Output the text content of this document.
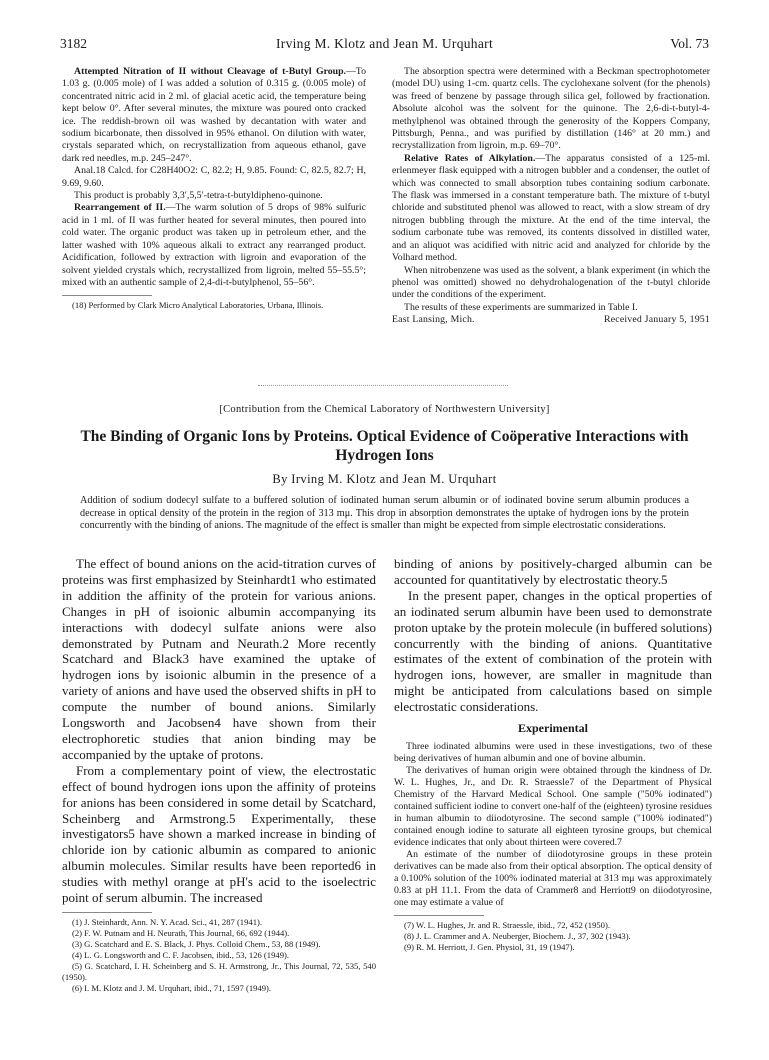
3182	Irving M. Klotz and Jean M. Urquhart	Vol. 73

Attempted Nitration of II without Cleavage of t-Butyl Group.—To 1.03 g. (0.005 mole) of I was added a solution of 0.315 g. (0.005 mole) of concentrated nitric acid in 2 ml. of glacial acetic acid, the temperature being kept below 0°. After several minutes, the mixture was poured onto cracked ice. The reddish-brown oil was washed by decantation with water and sodium bicarbonate, then dissolved in 95% ethanol. On dilution with water, crystals separated which, on recrystallization from aqueous ethanol, gave dark red needles, m.p. 245–247°.

Anal.18 Calcd. for C28H40O2: C, 82.2; H, 9.85. Found: C, 82.5, 82.7; H, 9.69, 9.60.

This product is probably 3,3′,5,5′-tetra-t-butyldipheno-quinone.

Rearrangement of II.—The warm solution of 5 drops of 98% sulfuric acid in 1 ml. of II was further heated for several minutes, then poured into cold water. The organic product was taken up in petroleum ether, and the latter washed with 10% aqueous alkali to extract any rearranged product. Acidification, followed by extraction with ligroin and evaporation of the solvent yielded crystals which, recrystallized from ligroin, melted 55–55.5°; mixed with an authentic sample of 2,4-di-t-butylphenol, 55–56°.

(18) Performed by Clark Micro Analytical Laboratories, Urbana, Illinois.

The absorption spectra were determined with a Beckman spectrophotometer (model DU) using 1-cm. quartz cells. The cyclohexane solvent (for the phenols) was freed of benzene by passage through silica gel, followed by fractionation. Absolute alcohol was the solvent for the quinone. The 2,6-di-t-butyl-4-methylphenol was obtained through the generosity of the Koppers Company, Pittsburgh, Penna., and was purified by distillation (146° at 20 mm.) and recrystallization from ligroin, m.p. 69–70°.

Relative Rates of Alkylation.—The apparatus consisted of a 125-ml. erlenmeyer flask equipped with a nitrogen bubbler and a condenser, the outlet of which was connected to small absorption tubes containing sodium carbonate. The flask was immersed in a constant temperature bath. The mixture of t-butyl chloride and substituted phenol was allowed to react, with a slow stream of dry nitrogen bubbling through the mixture. At the end of the time interval, the sodium carbonate tube was removed, its contents dissolved in distilled water, and an aliquot was acidified with nitric acid and analyzed for chloride by the Volhard method.

When nitrobenzene was used as the solvent, a blank experiment (in which the phenol was omitted) showed no dehydrohalogenation of the t-butyl chloride under the conditions of the experiment.

The results of these experiments are summarized in Table I.

East Lansing, Mich.	Received January 5, 1951
[Contribution from the Chemical Laboratory of Northwestern University]
The Binding of Organic Ions by Proteins. Optical Evidence of Coöperative Interactions with Hydrogen Ions
By Irving M. Klotz and Jean M. Urquhart
Addition of sodium dodecyl sulfate to a buffered solution of iodinated human serum albumin or of iodinated bovine serum albumin produces a decrease in optical density of the protein in the region of 313 mμ. This drop in absorption demonstrates the uptake of hydrogen ions by the protein concurrently with the binding of anions. The magnitude of the effect is smaller than might be expected from simple electrostatic considerations.

The effect of bound anions on the acid-titration curves of proteins was first emphasized by Steinhardt1 who estimated in addition the affinity of the protein for various anions. Changes in pH of isoionic albumin accompanying its interactions with dodecyl sulfate anions were also demonstrated by Putnam and Neurath.2 More recently Scatchard and Black3 have examined the uptake of hydrogen ions by isoionic albumin in the presence of a variety of anions and have used the observed shifts in pH to compute the number of bound anions. Similarly Longsworth and Jacobsen4 have shown from their electrophoretic studies that anion binding may be accompanied by the uptake of protons.

From a complementary point of view, the electrostatic effect of bound hydrogen ions upon the affinity of proteins for anions has been considered in some detail by Scatchard, Scheinberg and Armstrong.5 Experimentally, these investigators5 have shown a marked increase in binding of chloride ion by cationic albumin as compared to anionic albumin molecules. Similar results have been reported6 in studies with methyl orange at pH's acid to the isoelectric point of serum albumin. The increased

(1) J. Steinhardt, Ann. N. Y. Acad. Sci., 41, 287 (1941).

(2) F. W. Putnam and H. Neurath, This Journal, 66, 692 (1944).

(3) G. Scatchard and E. S. Black, J. Phys. Colloid Chem., 53, 88 (1949).

(4) L. G. Longsworth and C. F. Jacobsen, ibid., 53, 126 (1949).

(5) G. Scatchard, I. H. Scheinberg and S. H. Armstrong, Jr., This Journal, 72, 535, 540 (1950).

(6) I. M. Klotz and J. M. Urquhart, ibid., 71, 1597 (1949).

binding of anions by positively-charged albumin can be accounted for quantitatively by electrostatic theory.5

In the present paper, changes in the optical properties of an iodinated serum albumin have been used to demonstrate proton uptake by the protein molecule (in buffered solutions) concurrently with the binding of anions. Quantitative estimates of the extent of combination of the protein with hydrogen ions, however, are smaller in magnitude than might be anticipated from calculations based on simple electrostatic considerations.

Experimental

Three iodinated albumins were used in these investigations, two of these being derivatives of human albumin and one of bovine albumin.

The derivatives of human origin were obtained through the kindness of Dr. W. L. Hughes, Jr., and Dr. R. Straessle7 of the Department of Physical Chemistry of the Harvard Medical School. One sample ("50% iodinated") contained sufficient iodine to convert one-half of the (eighteen) tyrosine residues in human albumin to diiodotyrosine. The second sample ("100% iodinated") contained enough iodine to saturate all eighteen tyrosine groups, but chemical evidence indicates that only about thirteen were covered.7

An estimate of the number of diiodotyrosine groups in these protein derivatives can be made also from their optical absorption. The optical density of a 0.100% solution of the 100% iodinated material at 313 mμ was approximately 0.83 at pH 11.1. From the data of Crammer8 and Herriott9 on diiodotyrosine, one may estimate a value of

(7) W. L. Hughes, Jr. and R. Straessle, ibid., 72, 452 (1950).

(8) J. L. Crammer and A. Neuberger, Biochem. J., 37, 302 (1943).

(9) R. M. Herriott, J. Gen. Physiol, 31, 19 (1947).
